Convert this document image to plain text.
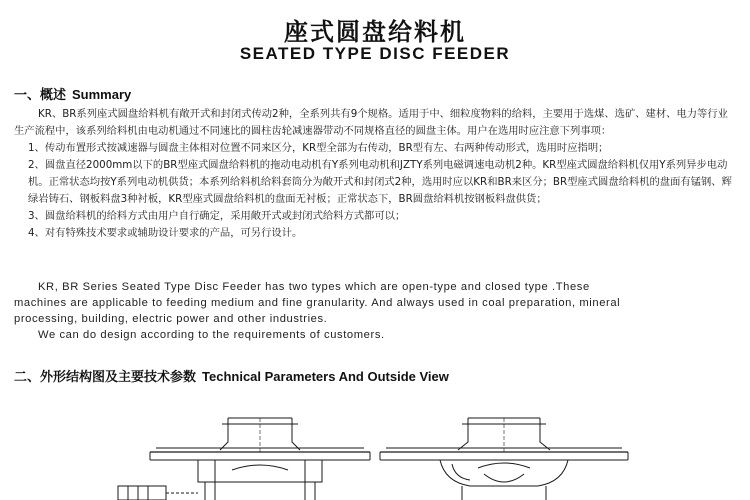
座式圆盘给料机
SEATED TYPE DISC FEEDER
一、概述 Summary

KR、BR系列座式圆盘给料机有敞开式和封闭式传动2种，全系列共有9个规格。适用于中、细粒度物料的给料，主要用于选煤、选矿、建材、电力等行业生产流程中，该系列给料机由电动机通过不同速比的圆柱齿轮减速器带动不同规格直径的圆盘主体。用户在选用时应注意下列事项：

1、传动布置形式按减速器与圆盘主体相对位置不同来区分，KR型全部为右传动，BR型有左、右两种传动形式，选用时应指明；

2、圆盘直径2000mm以下的BR型座式圆盘给料机的拖动电动机有Y系列电动机和JZTY系列电磁调速电动机2种。KR型座式圆盘给料机仅用Y系列异步电动机。正常状态均按Y系列电动机供货；本系列给料机给料套筒分为敞开式和封闭式2种，选用时应以KR和BR来区分；BR型座式圆盘给料机的盘面有锰钢、辉绿岩铸石、钢板料盘3种衬板，KR型座式圆盘给料机的盘面无衬板；正常状态下，BR圆盘给料机按钢板料盘供货；

3、圆盘给料机的给料方式由用户自行确定，采用敞开式或封闭式给料方式都可以；

4、对有特殊技术要求或辅助设计要求的产品，可另行设计。

KR, BR Series Seated Type Disc Feeder has two types which are open-type and closed type .These

machines are applicable to feeding medium and fine granularity. And always used in coal preparation, mineral

processing, building, electric power and other industries.

We can do design according to the requirements of customers.

二、外形结构图及主要技术参数 Technical Parameters And Outside View
